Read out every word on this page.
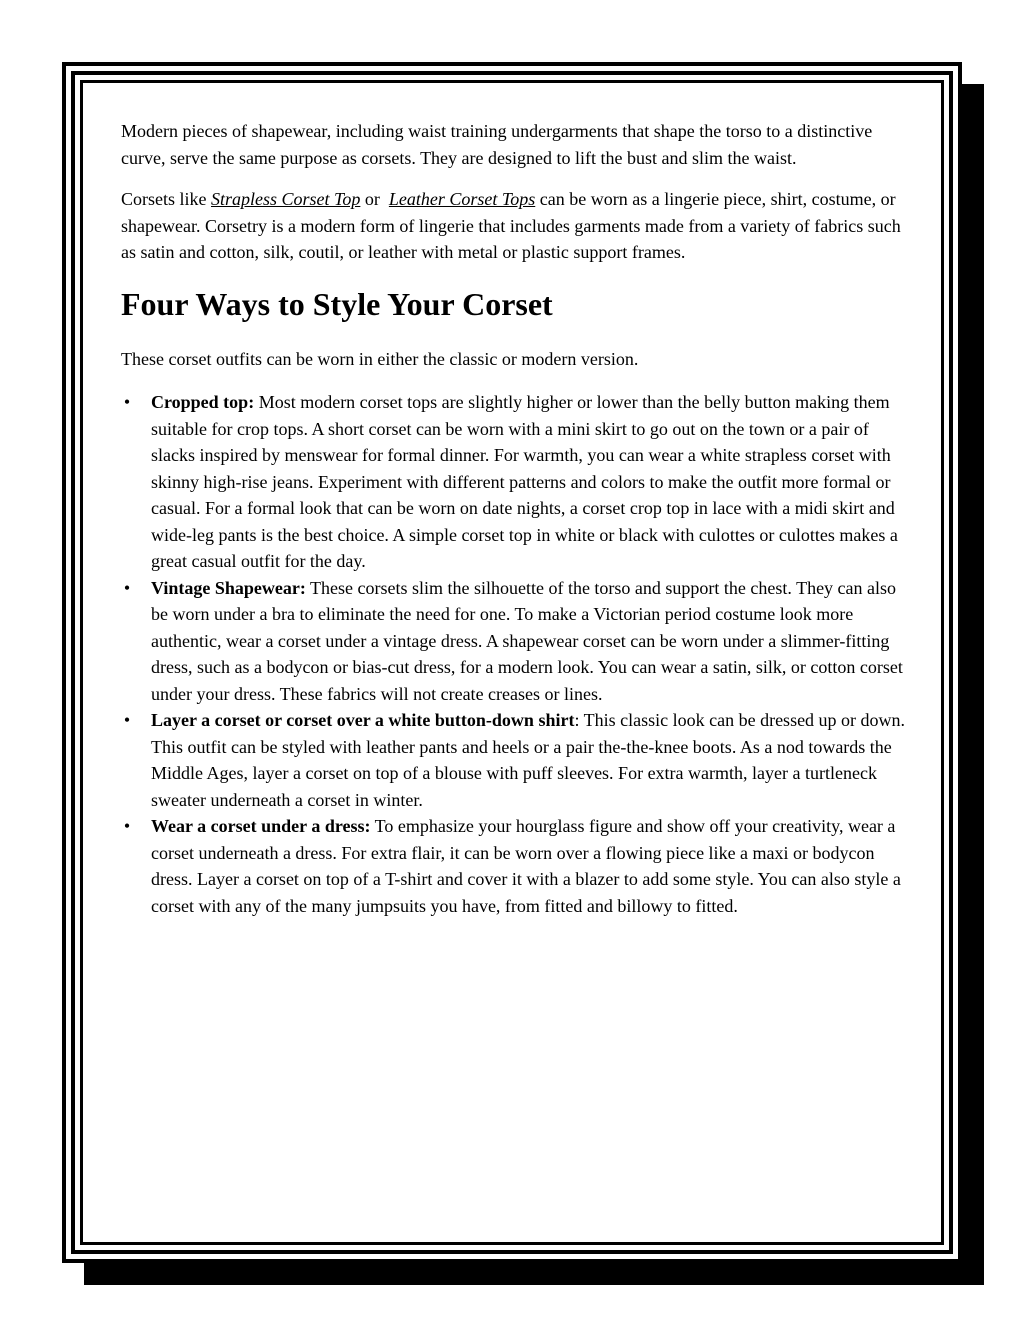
Modern pieces of shapewear, including waist training undergarments that shape the torso to a distinctive curve, serve the same purpose as corsets. They are designed to lift the bust and slim the waist.

Corsets like Strapless Corset Top or  Leather Corset Tops can be worn as a lingerie piece, shirt, costume, or shapewear. Corsetry is a modern form of lingerie that includes garments made from a variety of fabrics such as satin and cotton, silk, coutil, or leather with metal or plastic support frames.

Four Ways to Style Your Corset

These corset outfits can be worn in either the classic or modern version.

• Cropped top: Most modern corset tops are slightly higher or lower than the belly button making them suitable for crop tops. A short corset can be worn with a mini skirt to go out on the town or a pair of slacks inspired by menswear for formal dinner. For warmth, you can wear a white strapless corset with skinny high-rise jeans. Experiment with different patterns and colors to make the outfit more formal or casual. For a formal look that can be worn on date nights, a corset crop top in lace with a midi skirt and wide-leg pants is the best choice. A simple corset top in white or black with culottes or culottes makes a great casual outfit for the day.
• Vintage Shapewear: These corsets slim the silhouette of the torso and support the chest. They can also be worn under a bra to eliminate the need for one. To make a Victorian period costume look more authentic, wear a corset under a vintage dress. A shapewear corset can be worn under a slimmer-fitting dress, such as a bodycon or bias-cut dress, for a modern look. You can wear a satin, silk, or cotton corset under your dress. These fabrics will not create creases or lines.
• Layer a corset or corset over a white button-down shirt: This classic look can be dressed up or down. This outfit can be styled with leather pants and heels or a pair the-the-knee boots. As a nod towards the Middle Ages, layer a corset on top of a blouse with puff sleeves. For extra warmth, layer a turtleneck sweater underneath a corset in winter.
• Wear a corset under a dress: To emphasize your hourglass figure and show off your creativity, wear a corset underneath a dress. For extra flair, it can be worn over a flowing piece like a maxi or bodycon dress. Layer a corset on top of a T-shirt and cover it with a blazer to add some style. You can also style a corset with any of the many jumpsuits you have, from fitted and billowy to fitted.
